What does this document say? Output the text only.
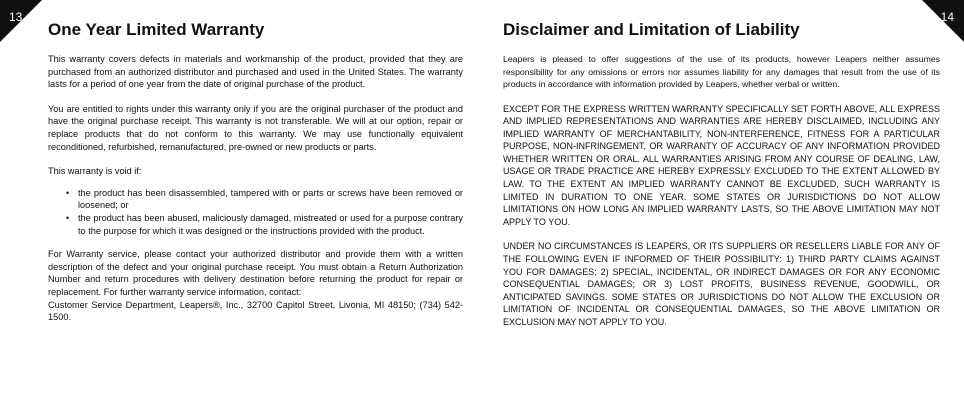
13	14
One Year Limited Warranty

This warranty covers defects in materials and workmanship of the product, provided that they are purchased from an authorized distributor and purchased and used in the United States. The warranty lasts for a period of one year from the date of original purchase of the product.

You are entitled to rights under this warranty only if you are the original purchaser of the product and have the original purchase receipt. This warranty is not transferable. We will at our option, repair or replace products that do not conform to this warranty. We may use functionally equivalent reconditioned, refurbished, remanufactured, pre-owned or new products or parts.

This warranty is void if:

• the product has been disassembled, tampered with or parts or screws have been removed or loosened; or
• the product has been abused, maliciously damaged, mistreated or used for a purpose contrary to the purpose for which it was designed or the instructions provided with the product.

For Warranty service, please contact your authorized distributor and provide them with a written description of the defect and your original purchase receipt. You must obtain a Return Authorization Number and return procedures with delivery destination before returning the product for repair or replacement. For further warranty service information, contact:
Customer Service Department, Leapers®, Inc., 32700 Capitol Street, Livonia, MI 48150; (734) 542-1500.

Disclaimer and Limitation of Liability

Leapers is pleased to offer suggestions of the use of its products, however Leapers neither assumes responsibility for any omissions or errors nor assumes liability for any damages that result from the use of its products in accordance with information provided by Leapers, whether verbal or written.

EXCEPT FOR THE EXPRESS WRITTEN WARRANTY SPECIFICALLY SET FORTH ABOVE, ALL EXPRESS AND IMPLIED REPRESENTATIONS AND WARRANTIES ARE HEREBY DISCLAIMED, INCLUDING ANY IMPLIED WARRANTY OF MERCHANTABILITY, NON-INTERFERENCE, FITNESS FOR A PARTICULAR PURPOSE, NON-INFRINGEMENT, OR WARRANTY OF ACCURACY OF ANY INFORMATION PROVIDED WHETHER WRITTEN OR ORAL. ALL WARRANTIES ARISING FROM ANY COURSE OF DEALING, LAW, USAGE OR TRADE PRACTICE ARE HEREBY EXPRESSLY EXCLUDED TO THE EXTENT ALLOWED BY LAW. TO THE EXTENT AN IMPLIED WARRANTY CANNOT BE EXCLUDED, SUCH WARRANTY IS LIMITED IN DURATION TO ONE YEAR. SOME STATES OR JURISDICTIONS DO NOT ALLOW LIMITATIONS ON HOW LONG AN IMPLIED WARRANTY LASTS, SO THE ABOVE LIMITATION MAY NOT APPLY TO YOU.

UNDER NO CIRCUMSTANCES IS LEAPERS, OR ITS SUPPLIERS OR RESELLERS LIABLE FOR ANY OF THE FOLLOWING EVEN IF INFORMED OF THEIR POSSIBILITY: 1) THIRD PARTY CLAIMS AGAINST YOU FOR DAMAGES; 2) SPECIAL, INCIDENTAL, OR INDIRECT DAMAGES OR FOR ANY ECONOMIC CONSEQUENTIAL DAMAGES; OR 3) LOST PROFITS, BUSINESS REVENUE, GOODWILL, OR ANTICIPATED SAVINGS. SOME STATES OR JURISDICTIONS DO NOT ALLOW THE EXCLUSION OR LIMITATION OF INCIDENTAL OR CONSEQUENTIAL DAMAGES, SO THE ABOVE LIMITATION OR EXCLUSION MAY NOT APPLY TO YOU.
